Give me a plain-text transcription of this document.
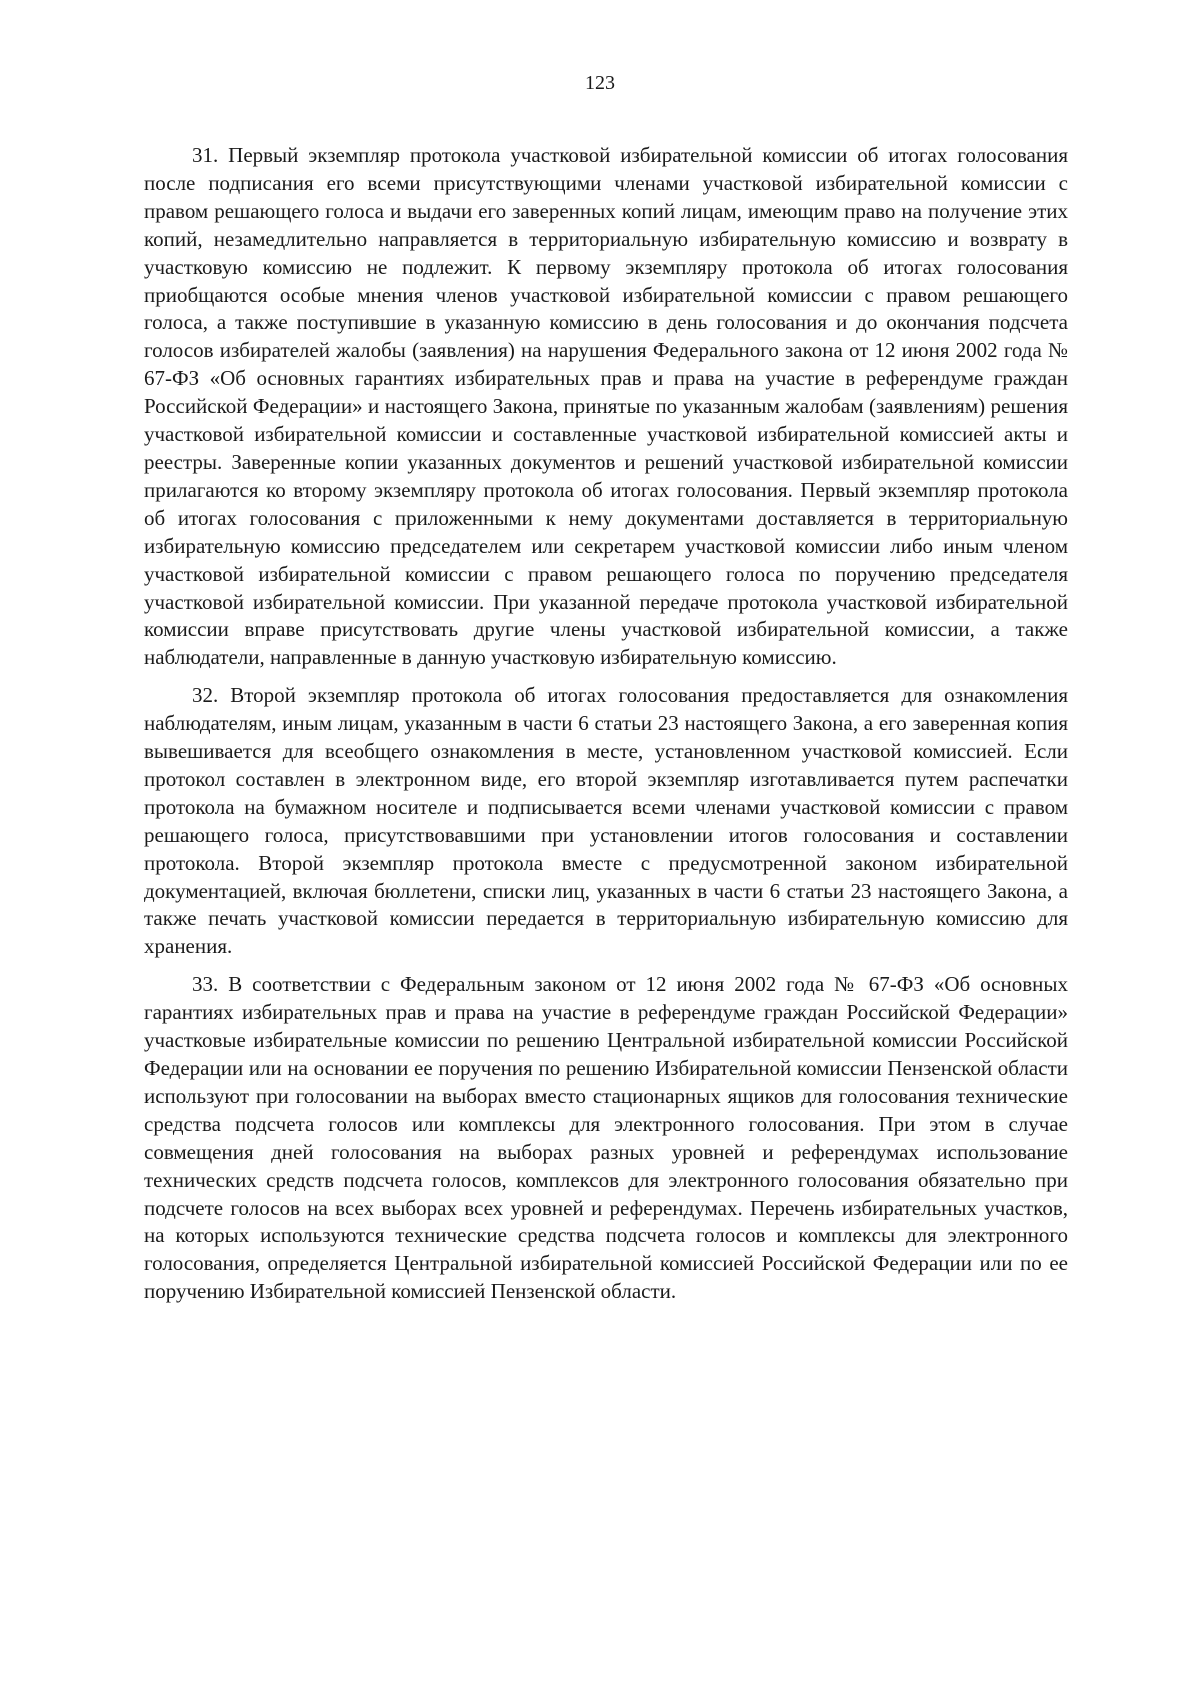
123

31. Первый экземпляр протокола участковой избирательной комиссии об итогах голосования после подписания его всеми присутствующими членами участковой избирательной комиссии с правом решающего голоса и выдачи его заверенных копий лицам, имеющим право на получение этих копий, незамедлительно направляется в территориальную избирательную комиссию и возврату в участковую комиссию не подлежит. К первому экземпляру протокола об итогах голосования приобщаются особые мнения членов участковой избирательной комиссии с правом решающего голоса, а также поступившие в указанную комиссию в день голосования и до окончания подсчета голосов избирателей жалобы (заявления) на нарушения Федерального закона от 12 июня 2002 года № 67-ФЗ «Об основных гарантиях избирательных прав и права на участие в референдуме граждан Российской Федерации» и настоящего Закона, принятые по указанным жалобам (заявлениям) решения участковой избирательной комиссии и составленные участковой избирательной комиссией акты и реестры. Заверенные копии указанных документов и решений участковой избирательной комиссии прилагаются ко второму экземпляру протокола об итогах голосования. Первый экземпляр протокола об итогах голосования с приложенными к нему документами доставляется в территориальную избирательную комиссию председателем или секретарем участковой комиссии либо иным членом участковой избирательной комиссии с правом решающего голоса по поручению председателя участковой избирательной комиссии. При указанной передаче протокола участковой избирательной комиссии вправе присутствовать другие члены участковой избирательной комиссии, а также наблюдатели, направленные в данную участковую избирательную комиссию.

32. Второй экземпляр протокола об итогах голосования предоставляется для ознакомления наблюдателям, иным лицам, указанным в части 6 статьи 23 настоящего Закона, а его заверенная копия вывешивается для всеобщего ознакомления в месте, установленном участковой комиссией. Если протокол составлен в электронном виде, его второй экземпляр изготавливается путем распечатки протокола на бумажном носителе и подписывается всеми членами участковой комиссии с правом решающего голоса, присутствовавшими при установлении итогов голосования и составлении протокола. Второй экземпляр протокола вместе с предусмотренной законом избирательной документацией, включая бюллетени, списки лиц, указанных в части 6 статьи 23 настоящего Закона, а также печать участковой комиссии передается в территориальную избирательную комиссию для хранения.

33. В соответствии с Федеральным законом от 12 июня 2002 года № 67-ФЗ «Об основных гарантиях избирательных прав и права на участие в референдуме граждан Российской Федерации» участковые избирательные комиссии по решению Центральной избирательной комиссии Российской Федерации или на основании ее поручения по решению Избирательной комиссии Пензенской области используют при голосовании на выборах вместо стационарных ящиков для голосования технические средства подсчета голосов или комплексы для электронного голосования. При этом в случае совмещения дней голосования на выборах разных уровней и референдумах использование технических средств подсчета голосов, комплексов для электронного голосования обязательно при подсчете голосов на всех выборах всех уровней и референдумах. Перечень избирательных участков, на которых используются технические средства подсчета голосов и комплексы для электронного голосования, определяется Центральной избирательной комиссией Российской Федерации или по ее поручению Избирательной комиссией Пензенской области.
